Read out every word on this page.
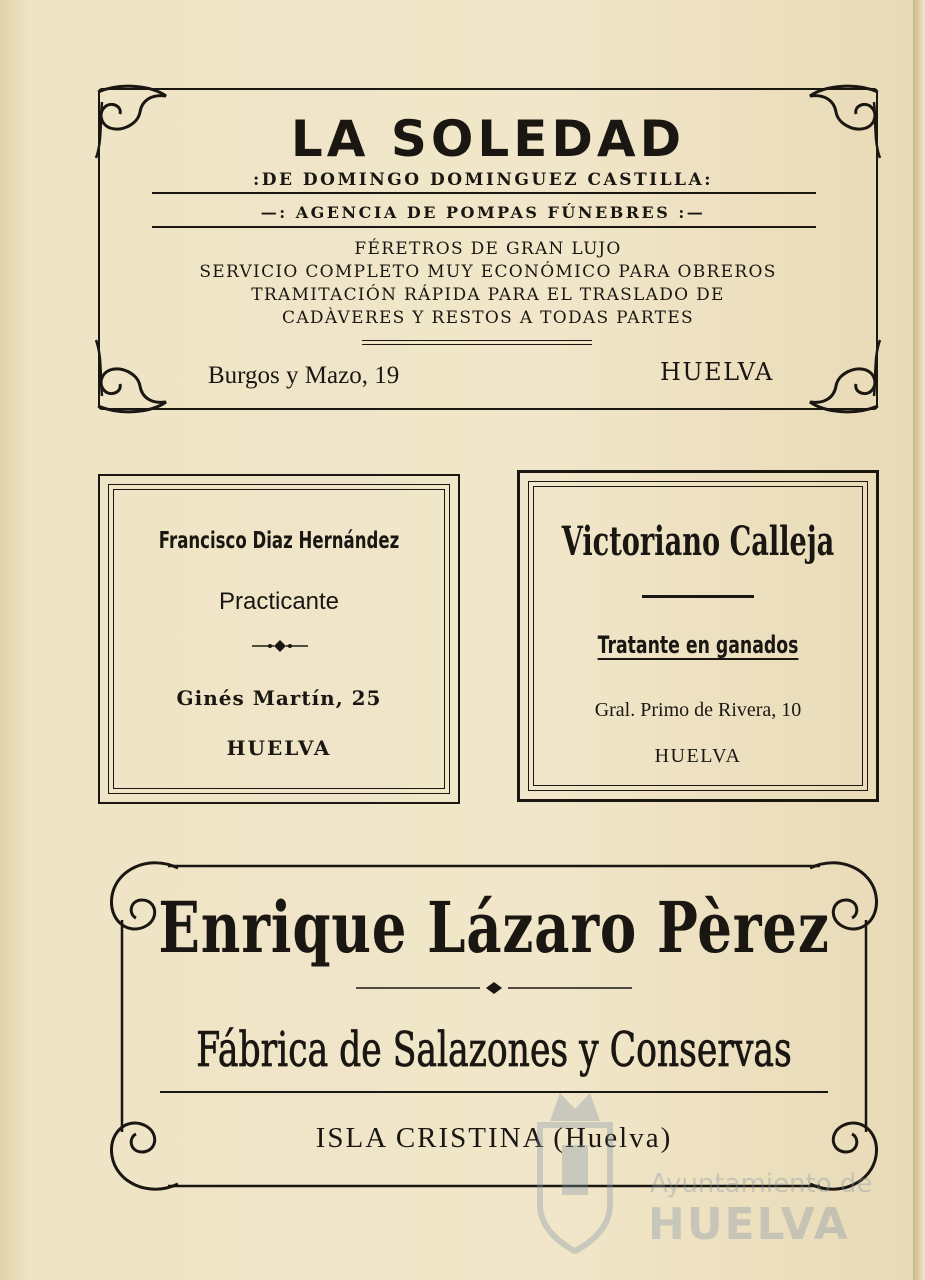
LA SOLEDAD
:DE DOMINGO DOMINGUEZ CASTILLA:
—: AGENCIA DE POMPAS FÚNEBRES :—
FÉRETROS DE GRAN LUJO
SERVICIO COMPLETO MUY ECONÓMICO PARA OBREROS
TRAMITACIÓN RÁPIDA PARA EL TRASLADO DE
CADÀVERES Y RESTOS A TODAS PARTES
Burgos y Mazo, 19	HUELVA
Francisco Diaz Hernández
Practicante
Ginés Martín, 25
HUELVA
Victoriano Calleja
Tratante en ganados
Gral. Primo de Rivera, 10
HUELVA
Enrique Lázaro Pèrez
Fábrica de Salazones y Conservas
ISLA CRISTINA (Huelva)
Ayuntamiento de
HUELVA
